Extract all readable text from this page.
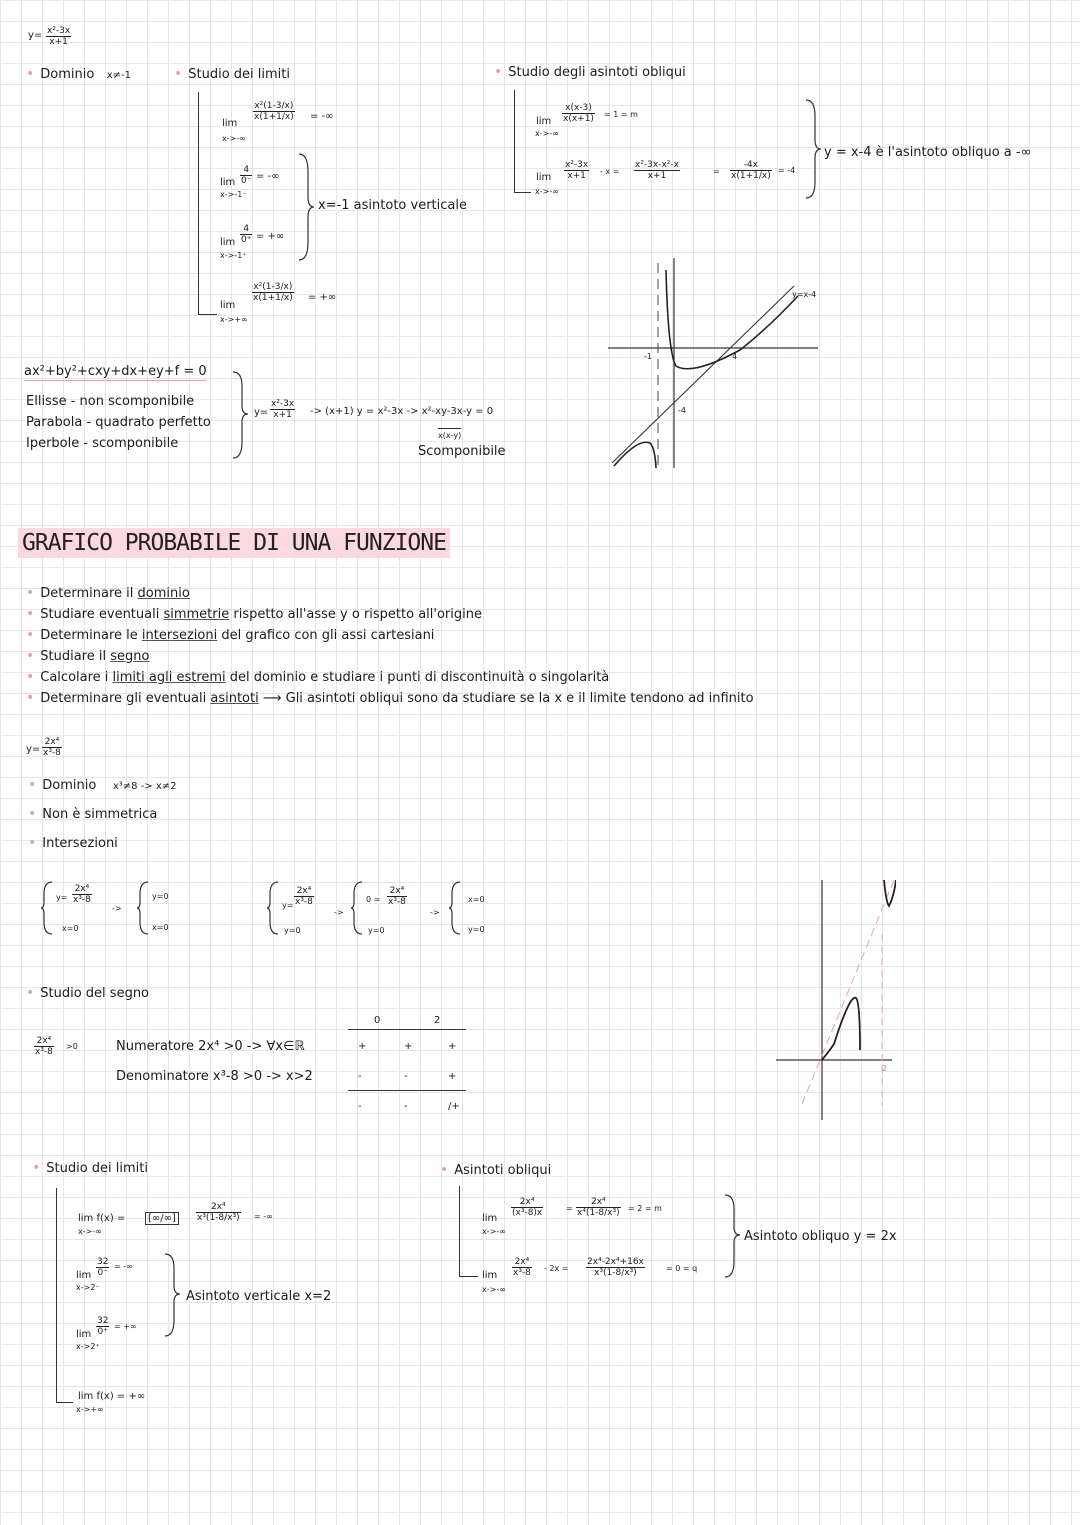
$y= \frac{\text{x²-3x}}{x+1}$
• Dominio x≠-1
•	Studio dei limiti
lim
$\frac{\text{x²(1-3/x)}}{x(1+1/x)}$ = -∞
x->-∞
$\lim \frac{4}{0^-}$ = -∞
x->-1⁻
$\lim \frac{4}{0^+}$ = +∞
x->-1⁺
lim
$\frac{\text{x²(1-3/x)}}{x(1+1/x)}$ = +∞
x->+∞
x=-1 asintoto verticale
• Studio degli asintoti obliqui
$\lim \frac{x(x-3)}{x(x+1)} = 1 = m$
x->-∞
$\lim \frac{\text{x²-3x}}{x+1} - x = \frac{\text{x²-3x-x²-x}}{x+1}$	= $\frac{-4x}{x(1+1/x)} = -4$
x->-∞
y = x-4 è l'asintoto obliquo a -∞
-1	4
-4
y=x-4
ax²+by²+cxy+dx+ey+f = 0
Ellisse - non scomponibile
Parabola - quadrato perfetto
Iperbole - scomponibile
$y= \frac{\text{x²-3x}}{x+1} -> (x+1) y = x^2-3x -> x^2-xy-3x-y = 0$
x(x-y)
Scomponibile
GRAFICO PROBABILE DI UNA FUNZIONE
• Determinare il dominio
• Studiare eventuali simmetrie rispetto all'asse y o rispetto all'origine
• Determinare le intersezioni del grafico con gli assi cartesiani
• Studiare il segno
• Calcolare i limiti agli estremi del dominio e studiare i punti di discontinuità o singolarità
• Determinare gli eventuali asintoti ⟶ Gli asintoti obliqui sono da studiare se la x e il limite tendono ad infinito
$y= \frac{\text{2x⁴}}{\text{x³-8}}$
• Dominio x³≠8 -> x≠2
• Non è simmetrica
• Intersezioni
$y= \frac{\text{2x⁴}}{\text{x³-8}}$
x=0
->
y=0
x=0
$y= \frac{\text{2x⁴}}{\text{x³-8}}$
y=0
->
$0 = \frac{\text{2x⁴}}{\text{x³-8}}$
y=0
->
x=0
y=0
• Studio del segno
$\frac{\text{2x⁴}}{\text{x³-8}} >0$	Numeratore 2x⁴ >0 -> ∀x∈ℝ
Denominatore x³-8 >0 -> x>2
0	2
+	+	+
-	-	+
-	-	/+
2
• Studio dei limiti
lim f(x) =
x->-∞
[∞/∞]	$\frac{\text{2x⁴}}{\text{x³(1-8/x³)}}$ = -∞
$\lim \frac{32}{0^-}$ = -∞
x->2⁻
$\lim \frac{32}{0^+}$ = +∞
x->2⁺
Asintoto verticale x=2
lim f(x) = +∞
x->+∞
• Asintoti obliqui
lim
$\frac{\text{2x⁴}}{\text{(x³-8)x}}$	= $\frac{\text{2x⁴}}{\text{x⁴(1-8/x³)}} = 2 = m$
x->-∞
$\lim \frac{\text{2x⁴}}{\text{x³-8}} - 2x = \frac{\text{2x⁴-2x⁴+16x}}{\text{x³(1-8/x³)}}$	= 0 = q
x->-∞
Asintoto obliquo y = 2x
